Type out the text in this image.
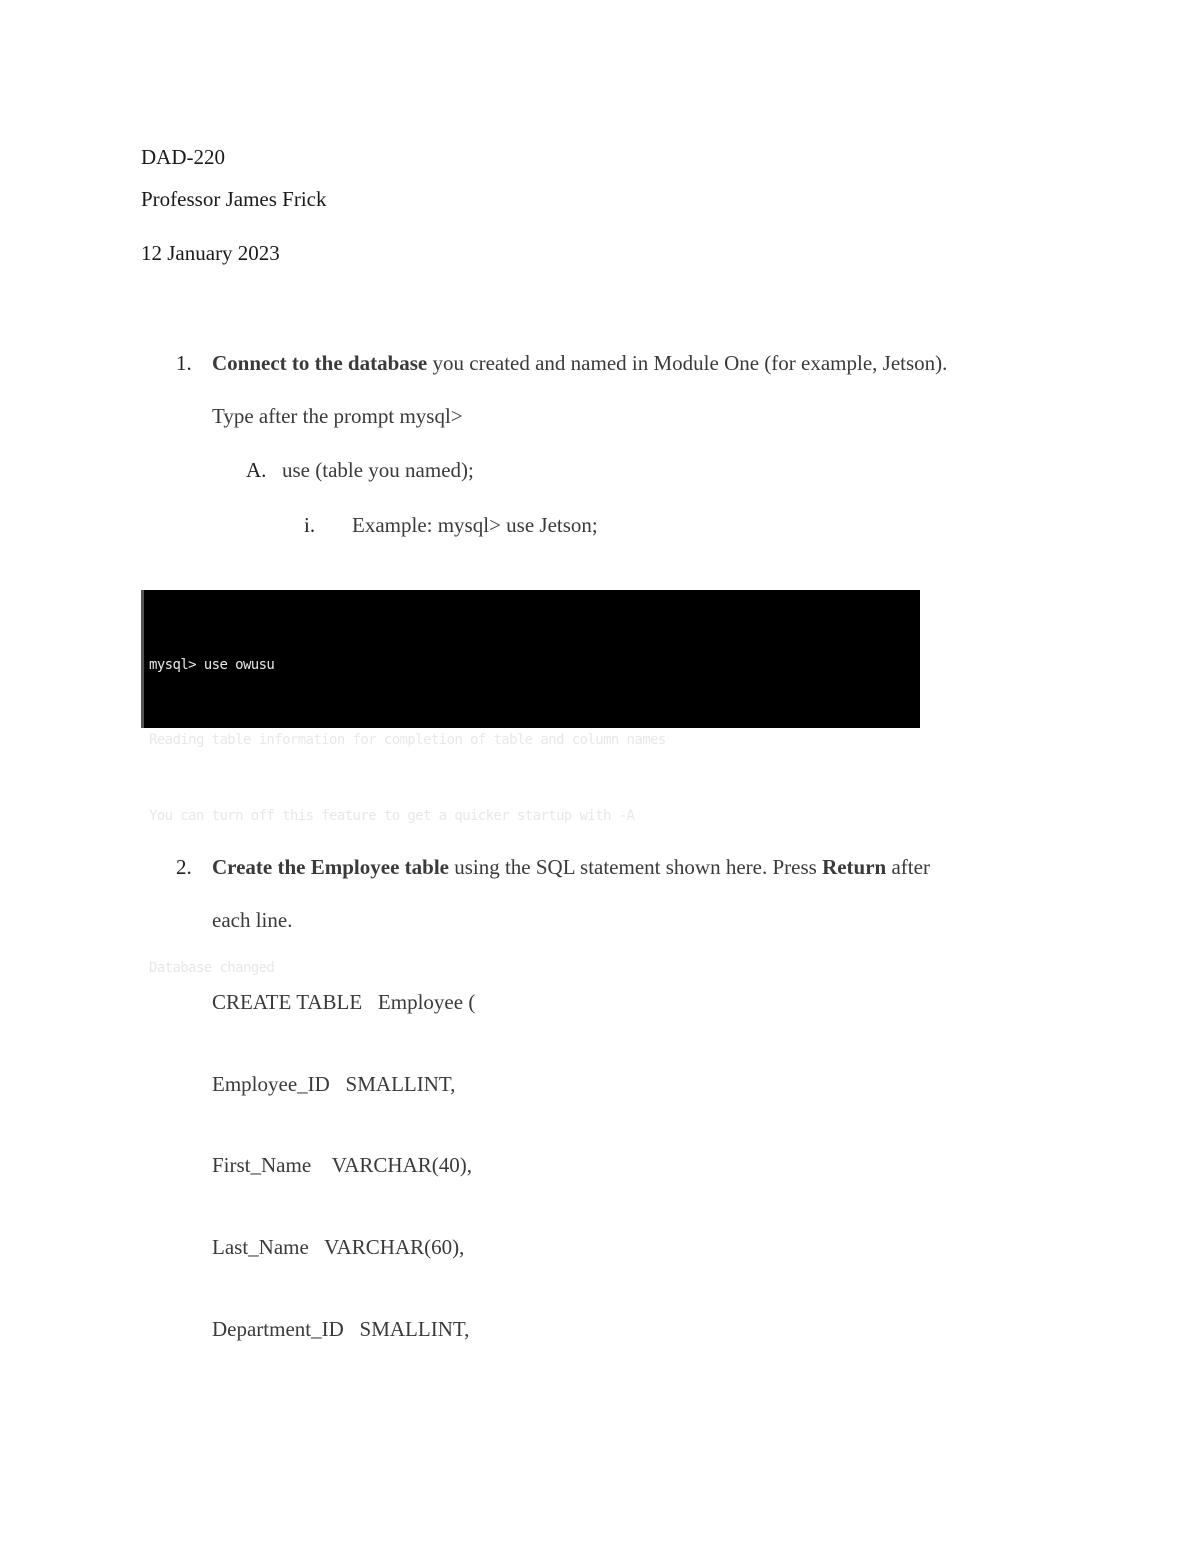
DAD-220
Professor James Frick
12 January 2023
1. Connect to the database you created and named in Module One (for example, Jetson).
Type after the prompt mysql>
A. use (table you named);
i. Example: mysql> use Jetson;

mysql> use owusu

Reading table information for completion of table and column names

You can turn off this feature to get a quicker startup with -A

Database changed

2. Create the Employee table using the SQL statement shown here. Press Return after
each line.
CREATE TABLE   Employee (
Employee_ID   SMALLINT,
First_Name    VARCHAR(40),
Last_Name   VARCHAR(60),
Department_ID   SMALLINT,
